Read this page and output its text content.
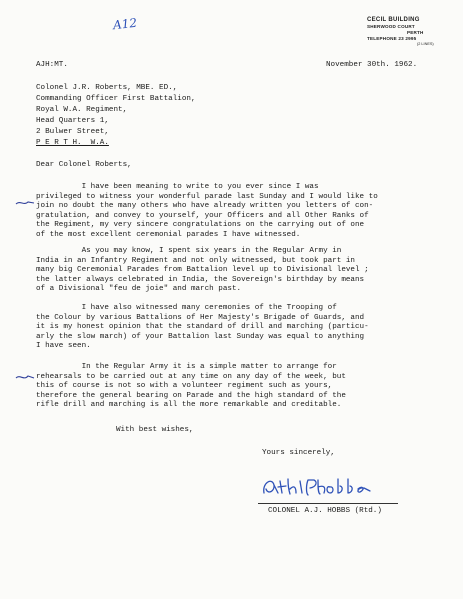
A12	CECIL BUILDING
SHERWOOD COURT
PERTH
TELEPHONE 23 2995
(2 LINES)
AJH:MT.	November 30th. 1962.
Colonel J.R. Roberts, MBE. ED.,
Commanding Officer First Battalion,
Royal W.A. Regiment,
Head Quarters 1,
2 Bulwer Street,
P E R T H.  W.A.
Dear Colonel Roberts,
I have been meaning to write to you ever since I was
privileged to witness your wonderful parade last Sunday and I would like to
join no doubt the many others who have already written you letters of con-
gratulation, and convey to yourself, your Officers and all Other Ranks of
the Regiment, my very sincere congratulations on the carrying out of one
of the most excellent ceremonial parades I have witnessed.
As you may know, I spent six years in the Regular Army in
India in an Infantry Regiment and not only witnessed, but took part in
many big Ceremonial Parades from Battalion level up to Divisional level ;
the latter always celebrated in India, the Sovereign's birthday by means
of a Divisional "feu de joie" and march past.
I have also witnessed many ceremonies of the Trooping of
the Colour by various Battalions of Her Majesty's Brigade of Guards, and
it is my honest opinion that the standard of drill and marching (particu-
arly the slow march) of your Battalion last Sunday was equal to anything
I have seen.
In the Regular Army it is a simple matter to arrange for
rehearsals to be carried out at any time on any day of the week, but
this of course is not so with a volunteer regiment such as yours,
therefore the general bearing on Parade and the high standard of the
rifle drill and marching is all the more remarkable and creditable.
With best wishes,
Yours sincerely,
COLONEL A.J. HOBBS (Rtd.)
